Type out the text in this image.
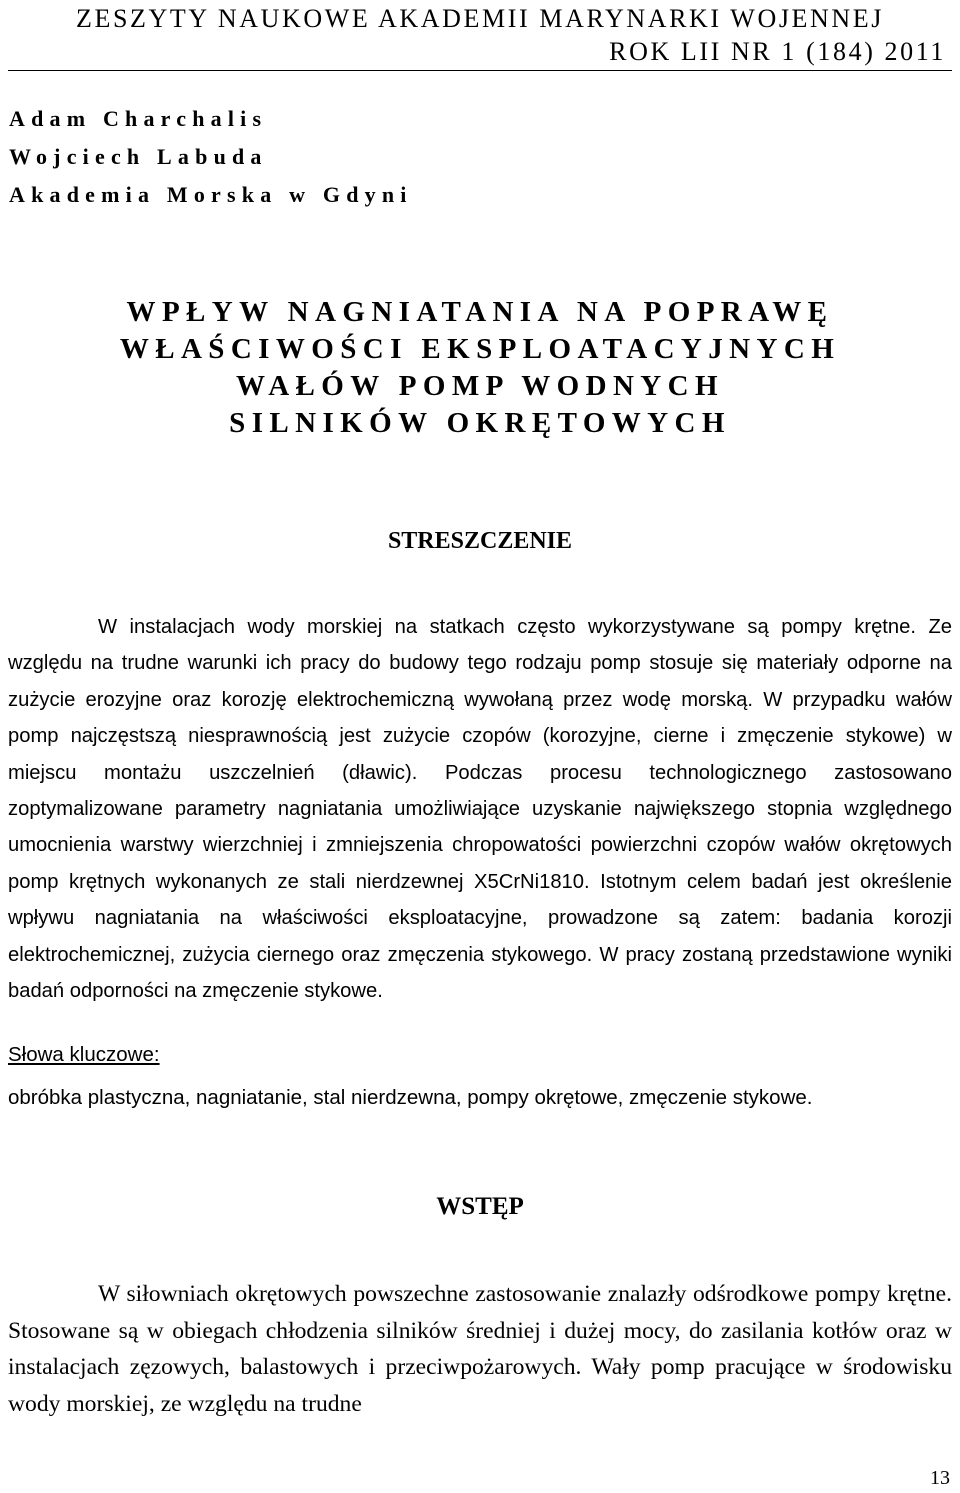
ZESZYTY NAUKOWE AKADEMII MARYNARKI WOJENNEJ
ROK LII NR 1 (184) 2011
Adam Charchalis
Wojciech Labuda
Akademia Morska w Gdyni
WPŁYW NAGNIATANIA NA POPRAWĘ
WŁAŚCIWOŚCI EKSPLOATACYJNYCH
WAŁÓW POMP WODNYCH
SILNIKÓW OKRĘTOWYCH
STRESZCZENIE

W instalacjach wody morskiej na statkach często wykorzystywane są pompy krętne. Ze względu na trudne warunki ich pracy do budowy tego rodzaju pomp stosuje się materiały odporne na zużycie erozyjne oraz korozję elektrochemiczną wywołaną przez wodę morską. W przypadku wałów pomp najczęstszą niesprawnością jest zużycie czopów (korozyjne, cierne i zmęczenie stykowe) w miejscu montażu uszczelnień (dławic). Podczas procesu technologicznego zastosowano zoptymalizowane parametry nagniatania umożliwiające uzyskanie największego stopnia względnego umocnienia warstwy wierzchniej i zmniejszenia chropowatości powierzchni czopów wałów okrętowych pomp krętnych wykonanych ze stali nierdzewnej X5CrNi1810. Istotnym celem badań jest określenie wpływu nagniatania na właściwości eksploatacyjne, prowadzone są zatem: badania korozji elektrochemicznej, zużycia ciernego oraz zmęczenia stykowego. W pracy zostaną przedstawione wyniki badań odporności na zmęczenie stykowe.

Słowa kluczowe:
obróbka plastyczna, nagniatanie, stal nierdzewna, pompy okrętowe, zmęczenie stykowe.
WSTĘP

W siłowniach okrętowych powszechne zastosowanie znalazły odśrodkowe pompy krętne. Stosowane są w obiegach chłodzenia silników średniej i dużej mocy, do zasilania kotłów oraz w instalacjach zęzowych, balastowych i przeciwpożarowych. Wały pomp pracujące w środowisku wody morskiej, ze względu na trudne

13
